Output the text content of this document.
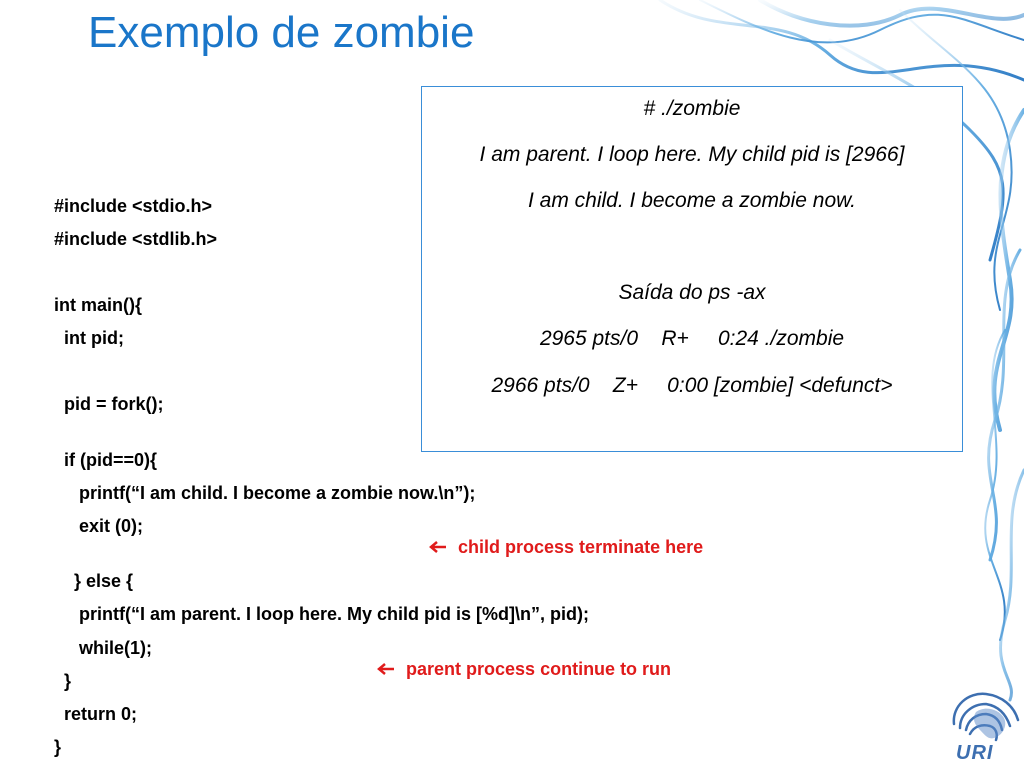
Exemplo de zombie
# ./zombie
I am parent. I loop here. My child pid is [2966]
I am child. I become a zombie now.
Saída do ps -ax
2965 pts/0    R+     0:24 ./zombie
2966 pts/0    Z+     0:00 [zombie] <defunct>
#include <stdio.h>
#include <stdlib.h>
int main(){
int pid;
pid = fork();
if (pid==0){
printf(“I am child. I become a zombie now.\n”);
exit (0);
} else {
printf(“I am parent. I loop here. My child pid is [%d]\n”, pid);
while(1);
}
return 0;
}

child process terminate here

parent process continue to run

URI
